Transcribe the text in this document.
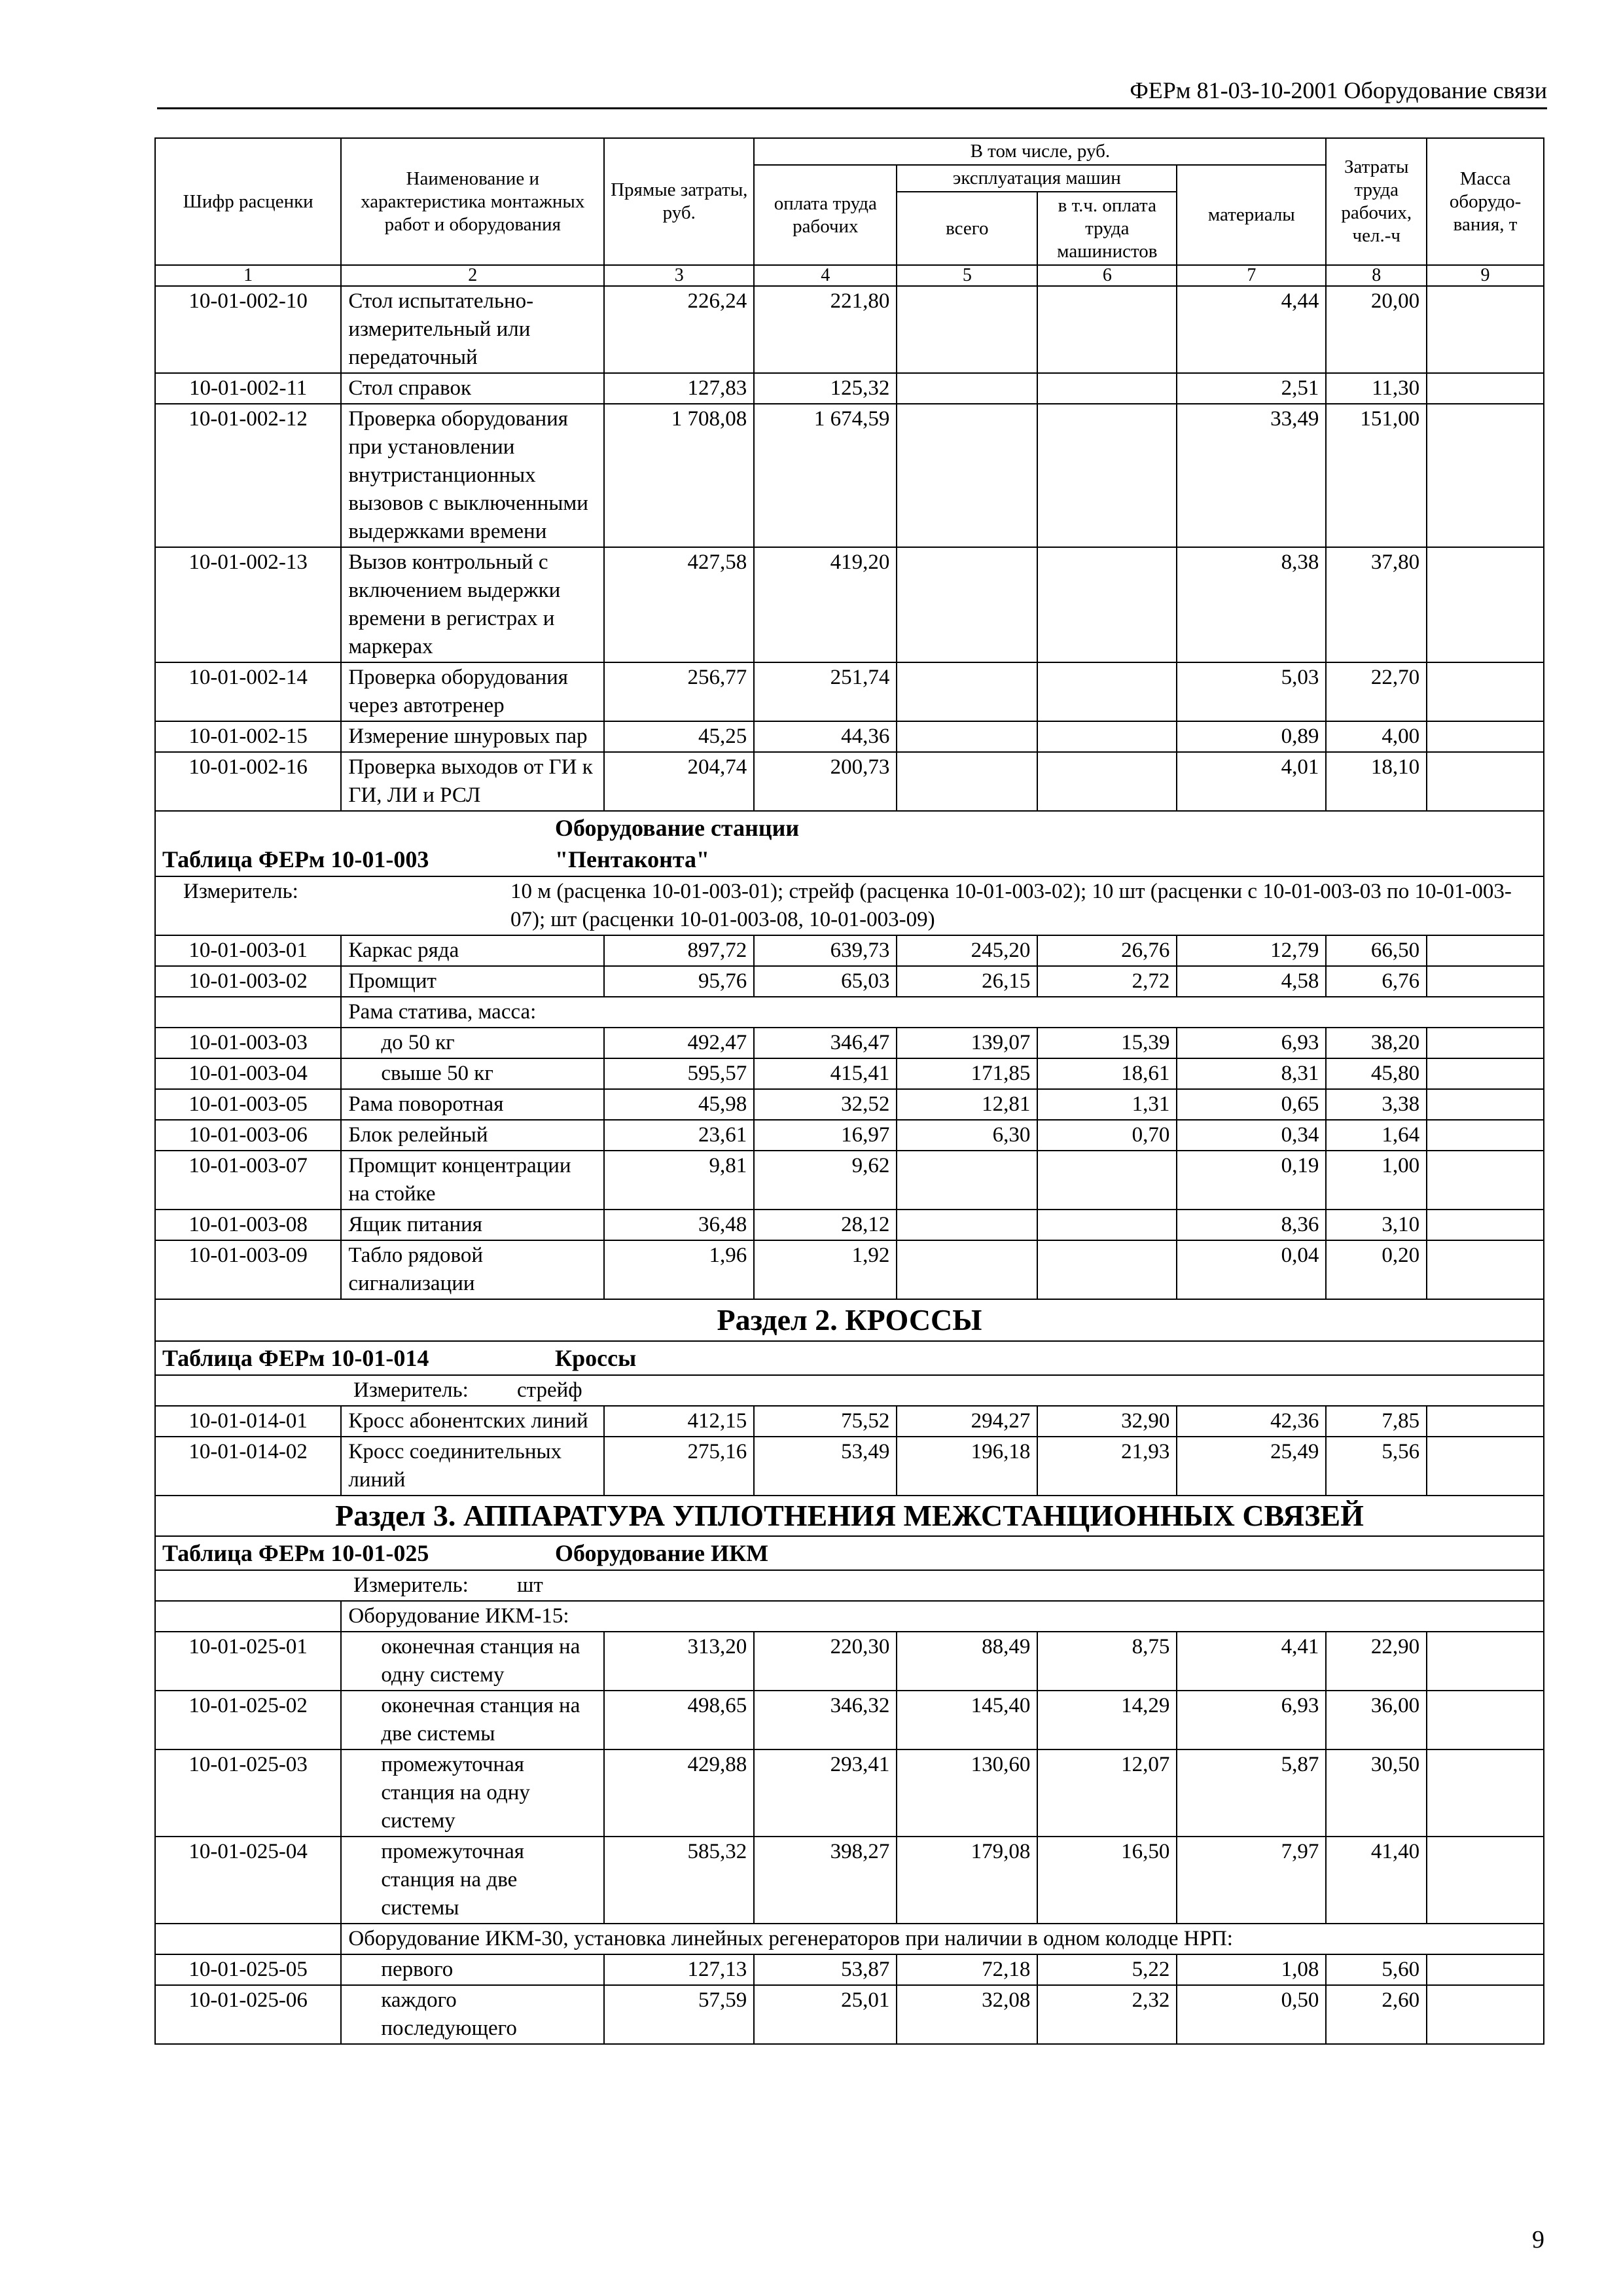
ФЕРм 81-03-10-2001 Оборудование связи
Шифр расценки	Наименование и характеристика монтажных работ и оборудования	Прямые затраты, руб.	В том числе, руб.				Затраты труда рабочих, чел.-ч	Масса оборудо-вания, т
			оплата труда рабочих	эксплуатация машин		материалы		
				всего	в т.ч. оплата труда машинистов			
1	2	3	4	5	6	7	8	9
10-01-002-10	Стол испытательно-измерительный или передаточный	226,24	221,80			4,44	20,00	
10-01-002-11	Стол справок	127,83	125,32			2,51	11,30	
10-01-002-12	Проверка оборудования при установлении внутристанционных вызовов с выключенными выдержками времени	1 708,08	1 674,59			33,49	151,00	
10-01-002-13	Вызов контрольный с включением выдержки времени в регистрах и маркерах	427,58	419,20			8,38	37,80	
10-01-002-14	Проверка оборудования через автотренер	256,77	251,74			5,03	22,70	
10-01-002-15	Измерение шнуровых пар	45,25	44,36			0,89	4,00	
10-01-002-16	Проверка выходов от ГИ к ГИ, ЛИ и РСЛ	204,74	200,73			4,01	18,10	
Таблица ФЕРм 10-01-003Оборудование станции "Пентаконта"								
Измеритель: 10 м (расценка 10-01-003-01); стрейф (расценка 10-01-003-02); 10 шт (расценки с 10-01-003-03 по 10-01-003-07); шт (расценки 10-01-003-08, 10-01-003-09)								
10-01-003-01	Каркас ряда	897,72	639,73	245,20	26,76	12,79	66,50	
10-01-003-02	Промщит	95,76	65,03	26,15	2,72	4,58	6,76	
	Рама статива, масса:							
10-01-003-03	до 50 кг	492,47	346,47	139,07	15,39	6,93	38,20	
10-01-003-04	свыше 50 кг	595,57	415,41	171,85	18,61	8,31	45,80	
10-01-003-05	Рама поворотная	45,98	32,52	12,81	1,31	0,65	3,38	
10-01-003-06	Блок релейный	23,61	16,97	6,30	0,70	0,34	1,64	
10-01-003-07	Промщит концентрации на стойке	9,81	9,62			0,19	1,00	
10-01-003-08	Ящик питания	36,48	28,12			8,36	3,10	
10-01-003-09	Табло рядовой сигнализации	1,96	1,92			0,04	0,20	
Раздел 2. КРОССЫ								
Таблица ФЕРм 10-01-014 Кроссы								
Измеритель: стрейф								
10-01-014-01	Кросс абонентских линий	412,15	75,52	294,27	32,90	42,36	7,85	
10-01-014-02	Кросс соединительных линий	275,16	53,49	196,18	21,93	25,49	5,56	
Раздел 3. АППАРАТУРА УПЛОТНЕНИЯ МЕЖСТАНЦИОННЫХ СВЯЗЕЙ								
Таблица ФЕРм 10-01-025 Оборудование ИКМ								
Измеритель: шт								
	Оборудование ИКМ-15:							
10-01-025-01	оконечная станция на одну систему	313,20	220,30	88,49	8,75	4,41	22,90	
10-01-025-02	оконечная станция на две системы	498,65	346,32	145,40	14,29	6,93	36,00	
10-01-025-03	промежуточная станция на одну систему	429,88	293,41	130,60	12,07	5,87	30,50	
10-01-025-04	промежуточная станция на две системы	585,32	398,27	179,08	16,50	7,97	41,40	
	Оборудование ИКМ-30, установка линейных регенераторов при наличии в одном колодце НРП:							
10-01-025-05	первого	127,13	53,87	72,18	5,22	1,08	5,60	
10-01-025-06	каждого последующего	57,59	25,01	32,08	2,32	0,50	2,60	
9
